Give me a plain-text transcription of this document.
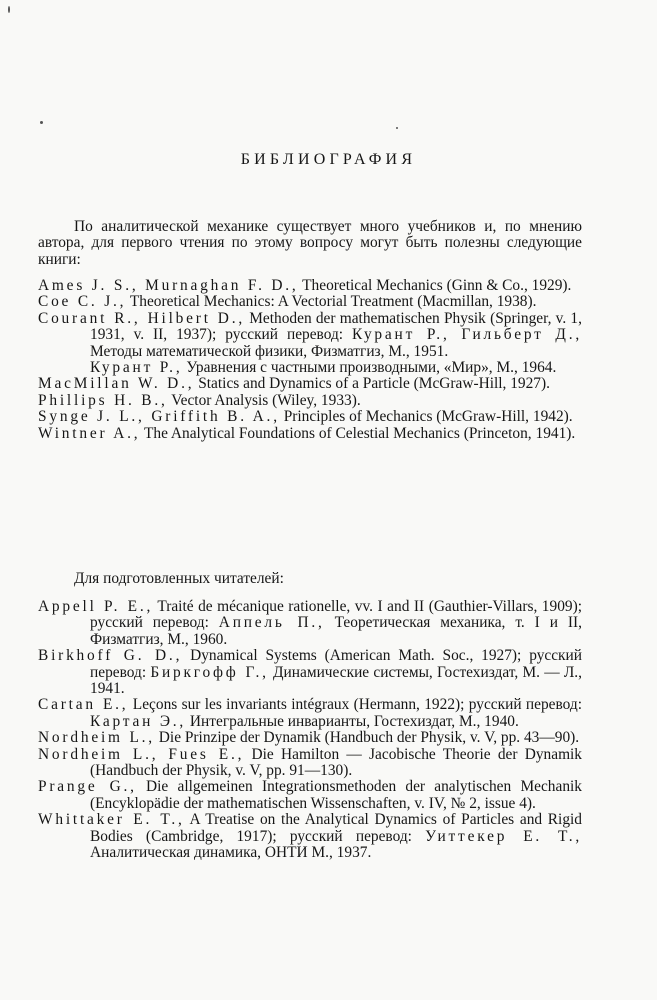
БИБЛИОГРАФИЯ

По аналитической механике существует много учебников и, по мнению автора, для первого чтения по этому вопросу могут быть полезны следующие книги:

Ames J. S., Murnaghan F. D., Theoretical Mechanics (Ginn & Co., 1929).

Coe C. J., Theoretical Mechanics: A Vectorial Treatment (Macmillan, 1938).

Courant R., Hilbert D., Methoden der mathematischen Physik (Springer, v. 1, 1931, v. II, 1937); русский перевод: Курант Р., Гильберт Д., Методы математической физики, Физматгиз, М., 1951.

Курант Р., Уравнения с частными производными, «Мир», М., 1964.

MacMillan W. D., Statics and Dynamics of a Particle (McGraw-Hill, 1927).

Phillips H. B., Vector Analysis (Wiley, 1933).

Synge J. L., Griffith B. A., Principles of Mechanics (McGraw-Hill, 1942).

Wintner A., The Analytical Foundations of Celestial Mechanics (Princeton, 1941).

Для подготовленных читателей:

Appell P. E., Traité de mécanique rationelle, vv. I and II (Gauthier-Villars, 1909); русский перевод: Аппель П., Теоретическая механика, т. I и II, Физматгиз, М., 1960.

Birkhoff G. D., Dynamical Systems (American Math. Soc., 1927); русский перевод: Биркгофф Г., Динамические системы, Гостехиздат, М. — Л., 1941.

Cartan E., Leçons sur les invariants intégraux (Hermann, 1922); русский перевод: Картан Э., Интегральные инварианты, Гостехиздат, М., 1940.

Nordheim L., Die Prinzipe der Dynamik (Handbuch der Physik, v. V, pp. 43—90).

Nordheim L., Fues E., Die Hamilton — Jacobische Theorie der Dynamik (Handbuch der Physik, v. V, pp. 91—130).

Prange G., Die allgemeinen Integrationsmethoden der analytischen Mechanik (Encyklopädie der mathematischen Wissenschaften, v. IV, № 2, issue 4).

Whittaker E. T., A Treatise on the Analytical Dynamics of Particles and Rigid Bodies (Cambridge, 1917); русский перевод: Уиттекер Е. Т., Аналитическая динамика, ОНТИ М., 1937.
